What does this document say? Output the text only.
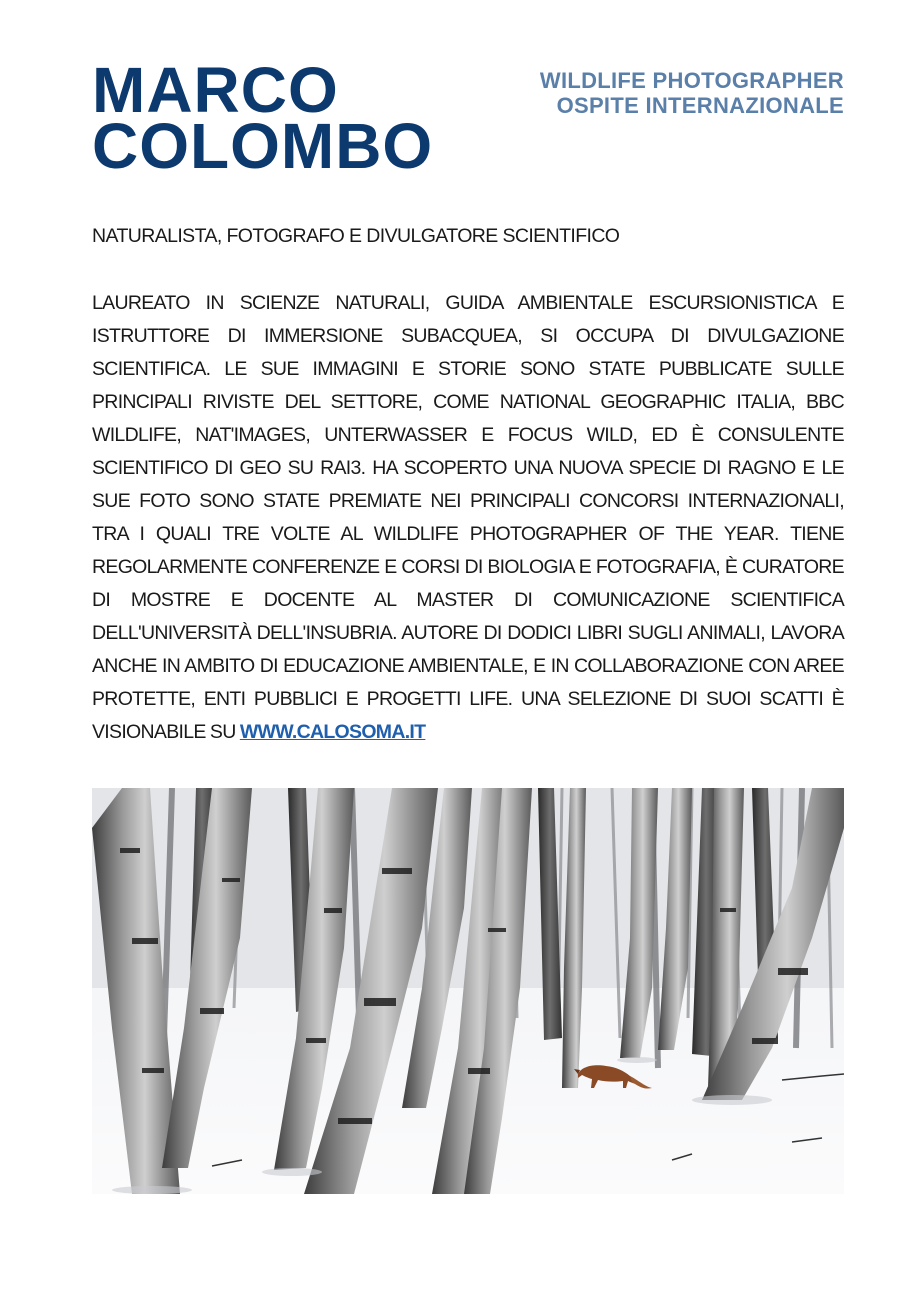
MARCO
COLOMBO
WILDLIFE PHOTOGRAPHER
OSPITE INTERNAZIONALE

NATURALISTA, FOTOGRAFO E DIVULGATORE SCIENTIFICO

LAUREATO IN SCIENZE NATURALI, GUIDA AMBIENTALE ESCURSIONISTICA E ISTRUTTORE DI IMMERSIONE SUBACQUEA, SI OCCUPA DI DIVULGAZIONE SCIENTIFICA. LE SUE IMMAGINI E STORIE SONO STATE PUBBLICATE SULLE PRINCIPALI RIVISTE DEL SETTORE, COME NATIONAL GEOGRAPHIC ITALIA, BBC WILDLIFE, NAT'IMAGES, UNTERWASSER E FOCUS WILD, ED È CONSULENTE SCIENTIFICO DI GEO SU RAI3. HA SCOPERTO UNA NUOVA SPECIE DI RAGNO E LE SUE FOTO SONO STATE PREMIATE NEI PRINCIPALI CONCORSI INTERNAZIONALI, TRA I QUALI TRE VOLTE AL WILDLIFE PHOTOGRAPHER OF THE YEAR. TIENE REGOLARMENTE CONFERENZE E CORSI DI BIOLOGIA E FOTOGRAFIA, È CURATORE DI MOSTRE E DOCENTE AL MASTER DI COMUNICAZIONE SCIENTIFICA DELL'UNIVERSITÀ DELL'INSUBRIA. AUTORE DI DODICI LIBRI SUGLI ANIMALI, LAVORA ANCHE IN AMBITO DI EDUCAZIONE AMBIENTALE, E IN COLLABORAZIONE CON AREE PROTETTE, ENTI PUBBLICI E PROGETTI LIFE. UNA SELEZIONE DI SUOI SCATTI È VISIONABILE SU WWW.CALOSOMA.IT
